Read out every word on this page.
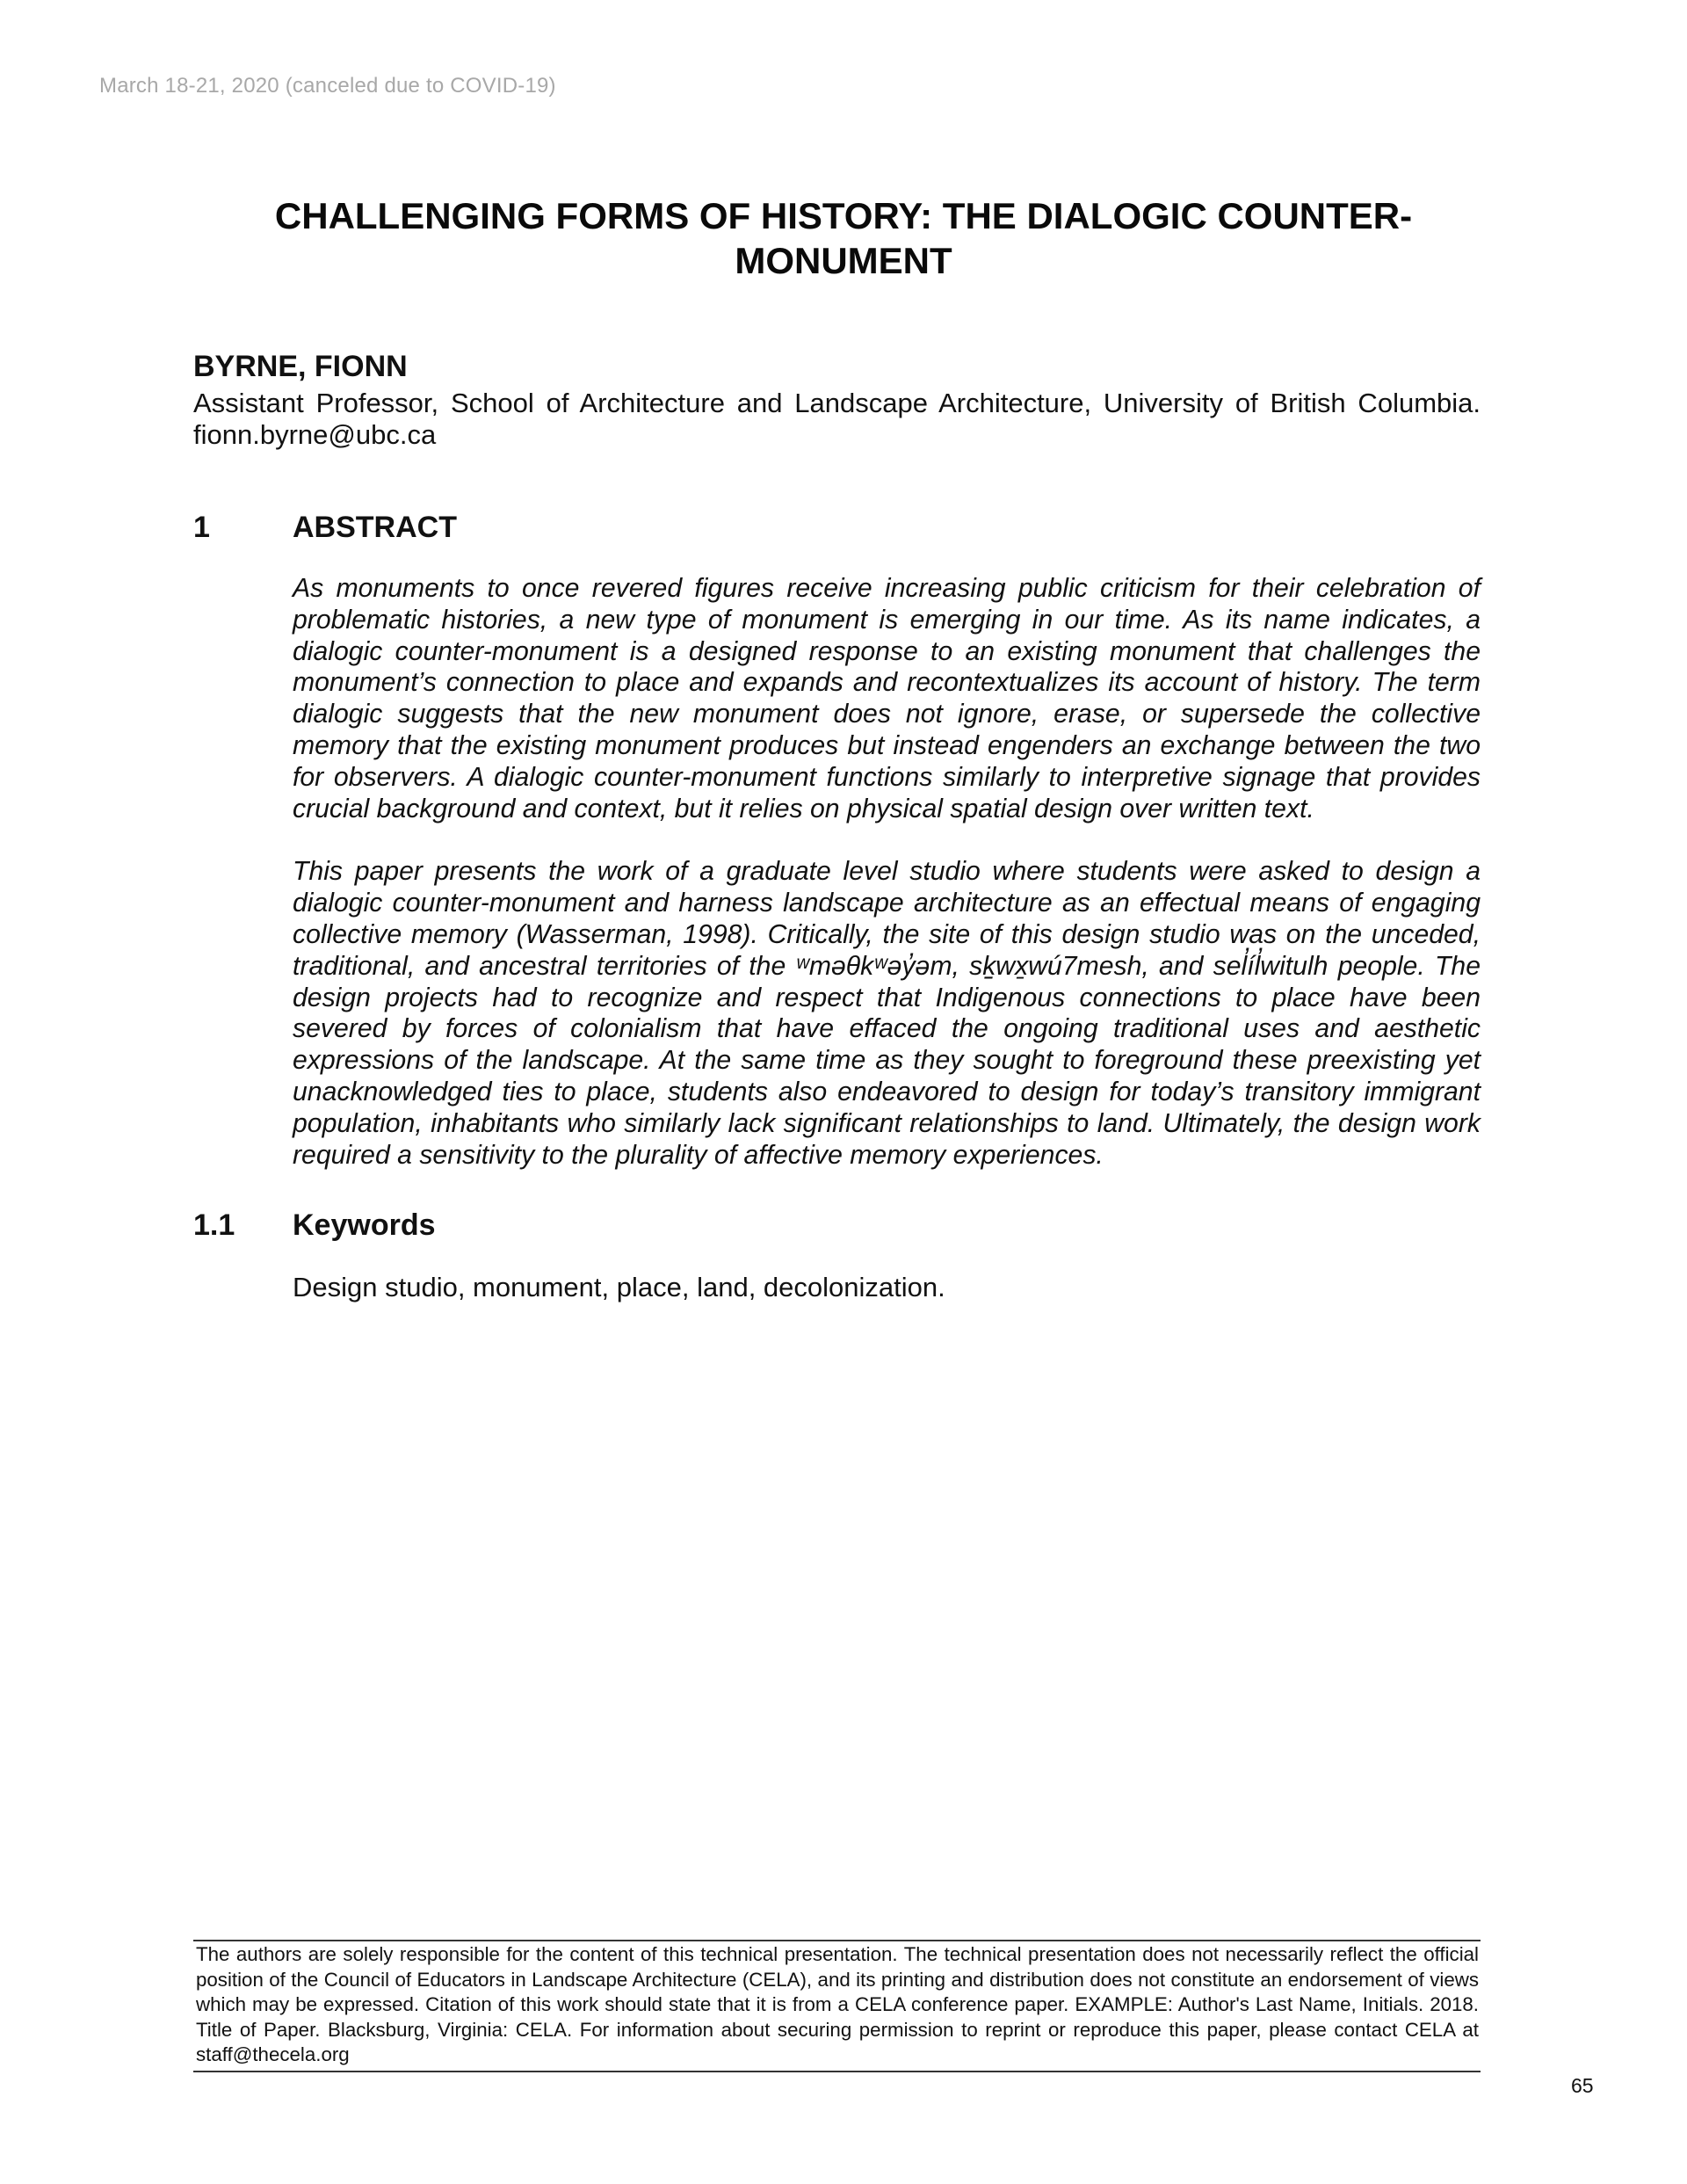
March 18-21, 2020 (canceled due to COVID-19)
CHALLENGING FORMS OF HISTORY: THE DIALOGIC COUNTER-MONUMENT

BYRNE, FIONN

Assistant Professor, School of Architecture and Landscape Architecture, University of British Columbia.

fionn.byrne@ubc.ca

1	ABSTRACT

As monuments to once revered figures receive increasing public criticism for their celebration of problematic histories, a new type of monument is emerging in our time. As its name indicates, a dialogic counter-monument is a designed response to an existing monument that challenges the monument’s connection to place and expands and recontextualizes its account of history. The term dialogic suggests that the new monument does not ignore, erase, or supersede the collective memory that the existing monument produces but instead engenders an exchange between the two for observers. A dialogic counter-monument functions similarly to interpretive signage that provides crucial background and context, but it relies on physical spatial design over written text.

This paper presents the work of a graduate level studio where students were asked to design a dialogic counter-monument and harness landscape architecture as an effectual means of engaging collective memory (Wasserman, 1998). Critically, the site of this design studio was on the unceded, traditional, and ancestral territories of the ʷməθkʷəy̓əm, sḵwx̱wú7mesh, and sel̓íl̓witulh people. The design projects had to recognize and respect that Indigenous connections to place have been severed by forces of colonialism that have effaced the ongoing traditional uses and aesthetic expressions of the landscape. At the same time as they sought to foreground these preexisting yet unacknowledged ties to place, students also endeavored to design for today’s transitory immigrant population, inhabitants who similarly lack significant relationships to land. Ultimately, the design work required a sensitivity to the plurality of affective memory experiences.

1.1 Keywords

Design studio, monument, place, land, decolonization.

The authors are solely responsible for the content of this technical presentation. The technical presentation does not necessarily reflect the official position of the Council of Educators in Landscape Architecture (CELA), and its printing and distribution does not constitute an endorsement of views which may be expressed. Citation of this work should state that it is from a CELA conference paper. EXAMPLE: Author's Last Name, Initials. 2018. Title of Paper. Blacksburg, Virginia: CELA. For information about securing permission to reprint or reproduce this paper, please contact CELA at staff@thecela.org

65
